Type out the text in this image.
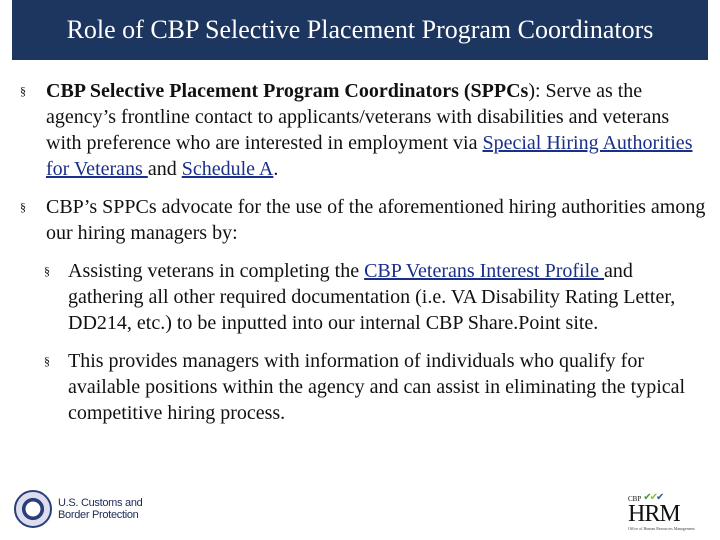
Role of CBP Selective Placement Program Coordinators
§ CBP Selective Placement Program Coordinators (SPPCs): Serve as the agency’s frontline contact to applicants/veterans with disabilities and veterans with preference who are interested in employment via Special Hiring Authorities for Veterans and Schedule A.
§ CBP’s SPPCs advocate for the use of the aforementioned hiring authorities among our hiring managers by:
§ Assisting veterans in completing the CBP Veterans Interest Profile and gathering all other required documentation (i.e. VA Disability Rating Letter, DD214, etc.) to be inputted into our internal CBP Share.Point site.
§ This provides managers with information of individuals who qualify for available positions within the agency and can assist in eliminating the typical competitive hiring process.
U.S. Customs and
Border Protection
CBP ✔✔✔
HRM
Office of Human Resources Management
